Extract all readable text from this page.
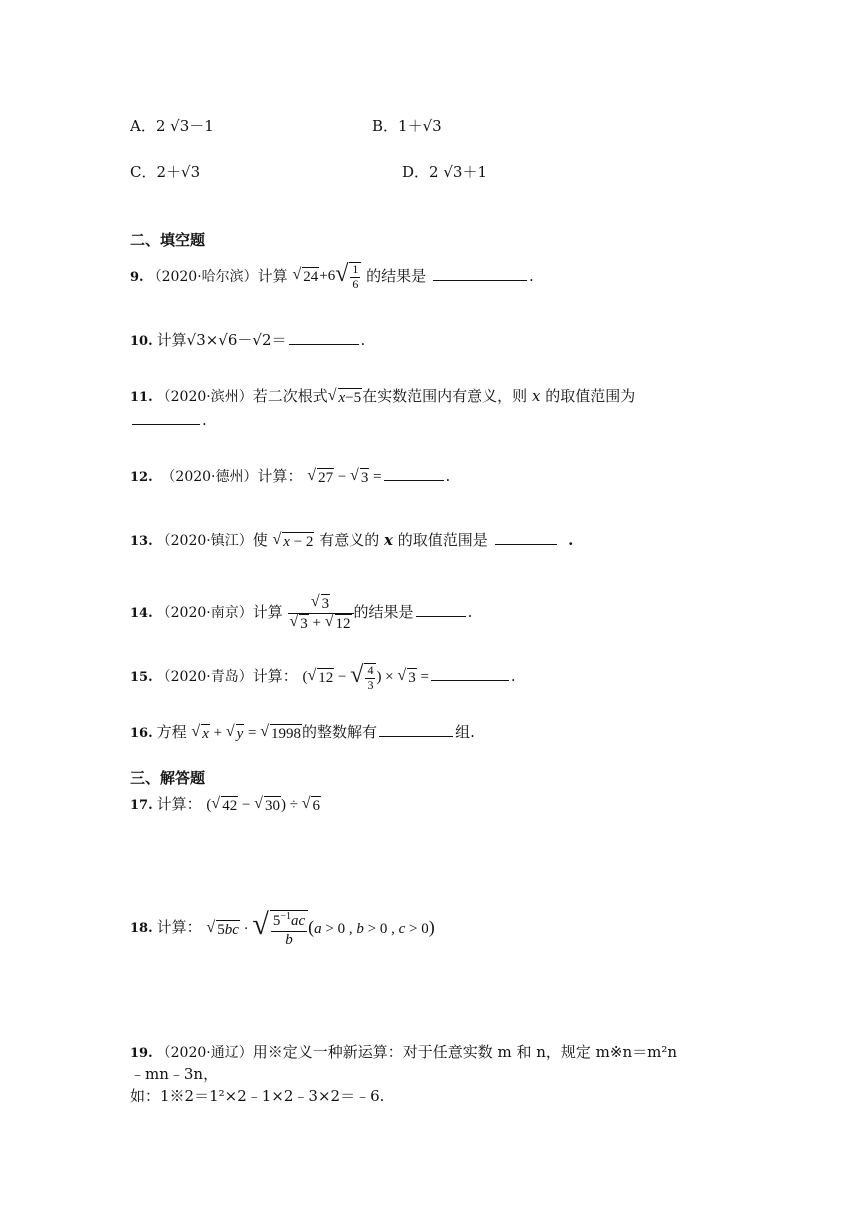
A．2 √3－1	B．1＋√3
C．2＋√3	D．2 √3＋1
二、填空题
9. （2020·哈尔滨）计算 √ 24 +6 √ $\frac{1}{6}$ 的结果是	.
10. 计算√3×√6－√2＝	.
11. （2020·滨州）若二次根式 √ x−5 在实数范围内有意义，则 x 的取值范围为
.
12. （2020·德州）计算： √ 27 − √ 3 =	.
13. （2020·镇江）使 √ x − 2 有意义的 x 的取值范围是	.
14. （2020·南京）计算 $\frac{√ 3}{√ 3 + √ 12}$ 的结果是	.
15. （2020·青岛）计算： ( √ 12 − √ $\frac{4}{3}$ ) × √ 3 =	.
16. 方程 √ x + √ y = √ 1998 的整数解有	组.
三、解答题
17. 计算： ( √ 42 − √ 30 ) ÷ √ 6
18. 计算： √ 5bc · √ $\frac{5^{-1}ac}{b} (a > 0$ , b > 0 , c > 0)
19. （2020·通辽）用※定义一种新运算：对于任意实数 m 和 n，规定 m※n＝m²n
﹣mn﹣3n，
如：1※2＝1²×2﹣1×2﹣3×2＝﹣6.
